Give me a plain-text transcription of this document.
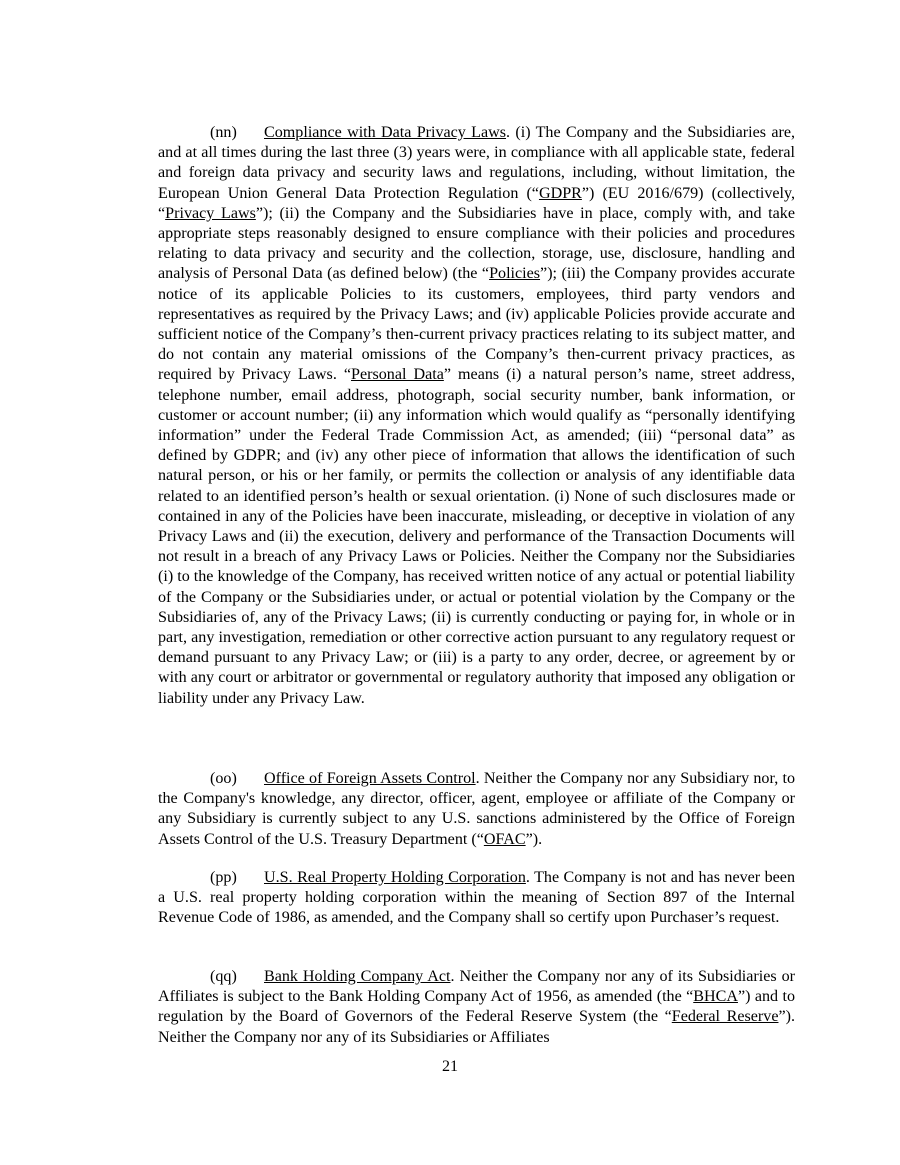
(nn) Compliance with Data Privacy Laws. (i) The Company and the Subsidiaries are, and at all times during the last three (3) years were, in compliance with all applicable state, federal and foreign data privacy and security laws and regulations, including, without limitation, the European Union General Data Protection Regulation (“GDPR”) (EU 2016/679) (collectively, “Privacy Laws”); (ii) the Company and the Subsidiaries have in place, comply with, and take appropriate steps reasonably designed to ensure compliance with their policies and procedures relating to data privacy and security and the collection, storage, use, disclosure, handling and analysis of Personal Data (as defined below) (the “Policies”); (iii) the Company provides accurate notice of its applicable Policies to its customers, employees, third party vendors and representatives as required by the Privacy Laws; and (iv) applicable Policies provide accurate and sufficient notice of the Company’s then-current privacy practices relating to its subject matter, and do not contain any material omissions of the Company’s then-current privacy practices, as required by Privacy Laws. “Personal Data” means (i) a natural person’s name, street address, telephone number, email address, photograph, social security number, bank information, or customer or account number; (ii) any information which would qualify as “personally identifying information” under the Federal Trade Commission Act, as amended; (iii) “personal data” as defined by GDPR; and (iv) any other piece of information that allows the identification of such natural person, or his or her family, or permits the collection or analysis of any identifiable data related to an identified person’s health or sexual orientation. (i) None of such disclosures made or contained in any of the Policies have been inaccurate, misleading, or deceptive in violation of any Privacy Laws and (ii) the execution, delivery and performance of the Transaction Documents will not result in a breach of any Privacy Laws or Policies. Neither the Company nor the Subsidiaries (i) to the knowledge of the Company, has received written notice of any actual or potential liability of the Company or the Subsidiaries under, or actual or potential violation by the Company or the Subsidiaries of, any of the Privacy Laws; (ii) is currently conducting or paying for, in whole or in part, any investigation, remediation or other corrective action pursuant to any regulatory request or demand pursuant to any Privacy Law; or (iii) is a party to any order, decree, or agreement by or with any court or arbitrator or governmental or regulatory authority that imposed any obligation or liability under any Privacy Law.

(oo) Office of Foreign Assets Control. Neither the Company nor any Subsidiary nor, to the Company's knowledge, any director, officer, agent, employee or affiliate of the Company or any Subsidiary is currently subject to any U.S. sanctions administered by the Office of Foreign Assets Control of the U.S. Treasury Department (“OFAC”).

(pp) U.S. Real Property Holding Corporation. The Company is not and has never been a U.S. real property holding corporation within the meaning of Section 897 of the Internal Revenue Code of 1986, as amended, and the Company shall so certify upon Purchaser’s request.

(qq) Bank Holding Company Act. Neither the Company nor any of its Subsidiaries or Affiliates is subject to the Bank Holding Company Act of 1956, as amended (the “BHCA”) and to regulation by the Board of Governors of the Federal Reserve System (the “Federal Reserve”). Neither the Company nor any of its Subsidiaries or Affiliates

21
